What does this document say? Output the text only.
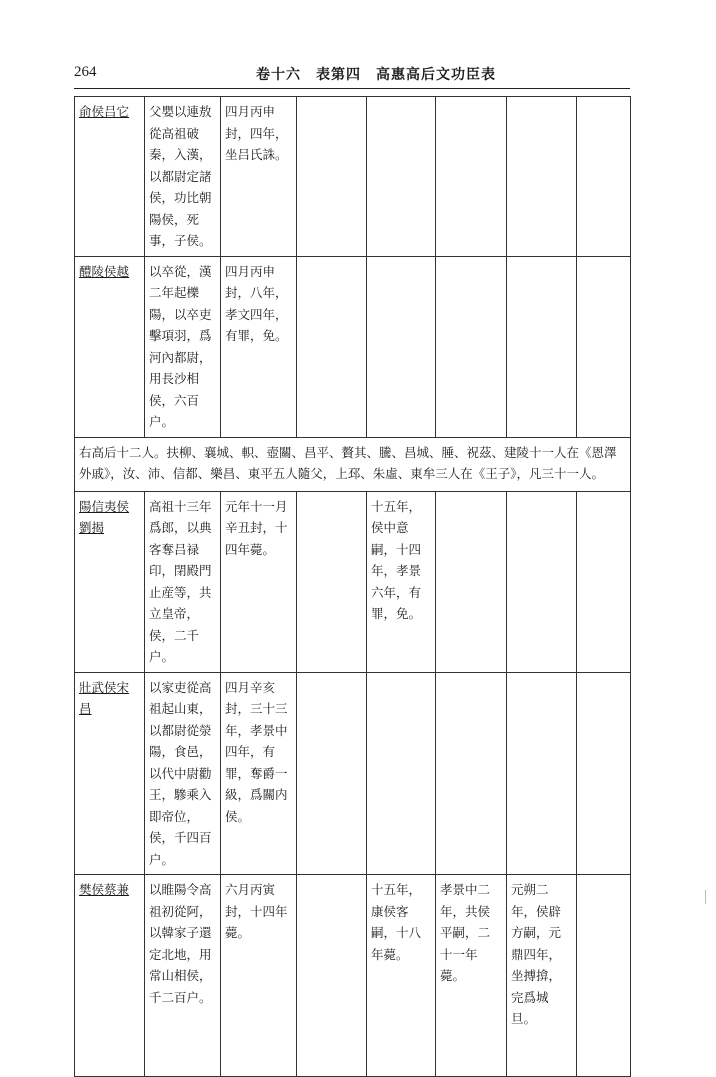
264	卷十六　表第四　高惠高后文功臣表
俞侯吕它	父嬰以連敖從高祖破秦，入漢，以都尉定諸侯，功比朝陽侯，死事，子侯。	四月丙申封，四年，坐吕氏誅。					
醴陵侯越	以卒從，漢二年起櫟陽，以卒吏擊項羽，爲河內都尉，用長沙相侯，六百户。	四月丙申封，八年，孝文四年，有罪，免。					
右高后十二人。扶柳、襄城、軹、壺關、昌平、贅其、騰、昌城、腄、祝茲、建陵十一人在《恩澤外戚》，汝、沛、信都、樂昌、東平五人隨父，上邳、朱虛、東牟三人在《王子》，凡三十一人。							
陽信夷侯劉揭	高祖十三年爲郎，以典客奪吕禄印，閉殿門止産等，共立皇帝，侯，二千户。	元年十一月辛丑封，十四年薨。		十五年，侯中意嗣，十四年，孝景六年，有罪，免。			
壯武侯宋昌	以家吏從高祖起山東，以都尉從滎陽，食邑，以代中尉勸王，驂乘入即帝位，侯，千四百户。	四月辛亥封，三十三年，孝景中四年，有罪，奪爵一級，爲關内侯。					
樊侯蔡兼	以睢陽令高祖初從阿，以韓家子還定北地，用常山相侯，千二百户。	六月丙寅封，十四年薨。		十五年，康侯客嗣，十八年薨。	孝景中二年，共侯平嗣，二十一年薨。	元朔二年，侯辟方嗣，元鼎四年，坐搏揜，完爲城旦。	
